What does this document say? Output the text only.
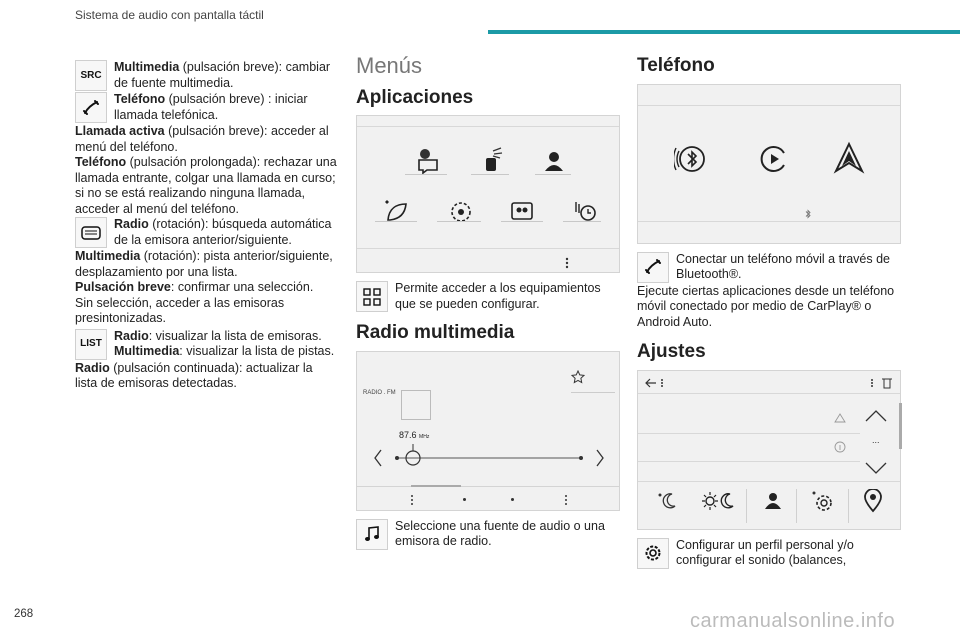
Sistema de audio con pantalla táctil
SRC

Multimedia (pulsación breve): cambiar de fuente multimedia.

Teléfono (pulsación breve) : iniciar llamada telefónica.

Llamada activa (pulsación breve): acceder al menú del teléfono.

Teléfono (pulsación prolongada): rechazar una llamada entrante, colgar una llamada en curso; si no se está realizando ninguna llamada, acceder al menú del teléfono.

Radio (rotación): búsqueda automática de la emisora anterior/siguiente.

Multimedia (rotación): pista anterior/siguiente, desplazamiento por una lista.

Pulsación breve: confirmar una selección.

Sin selección, acceder a las emisoras presintonizadas.

LIST

Radio: visualizar la lista de emisoras.
Multimedia: visualizar la lista de pistas.

Radio (pulsación continuada): actualizar la lista de emisoras detectadas.

Menús
Aplicaciones

Permite acceder a los equipamientos que se pueden configurar.

Radio multimedia
RADIO . FM
87.6 MHz

Seleccione una fuente de audio o una emisora de radio.

Teléfono

Conectar un teléfono móvil a través de Bluetooth®.

Ejecute ciertas aplicaciones desde un teléfono móvil conectado por medio de CarPlay® o Android Auto.

Ajustes
...

Configurar un perfil personal y/o configurar el sonido (balances,

268	carmanualsonline.info
